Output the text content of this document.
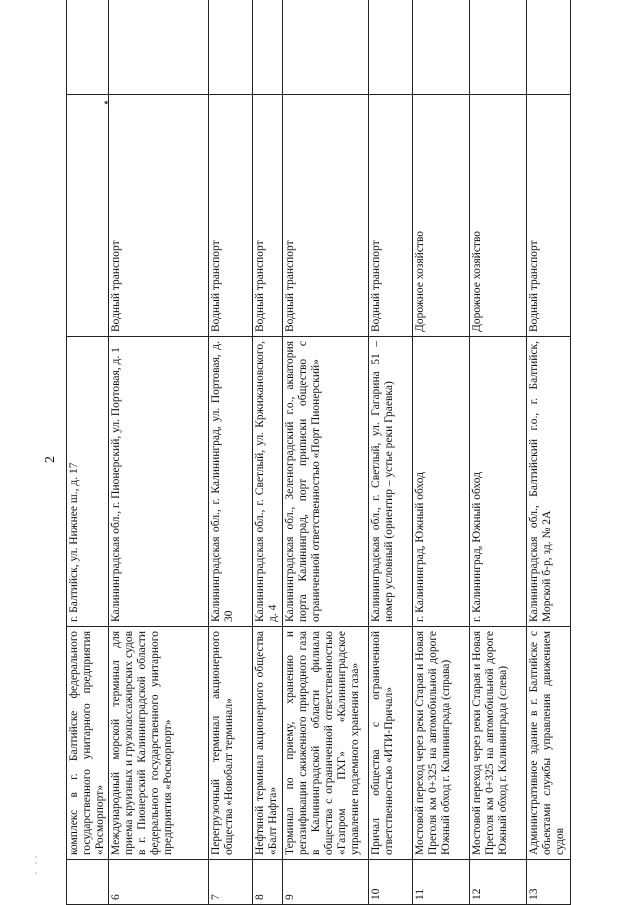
` ``
2
•
	комплекс в г. Балтийске федерального государственного унитарного предприятия «Росморпорт»	г. Балтийск, ул. Нижнее ш., д. 17		
6	Международный морской терминал для приема круизных и грузопассажирских судов в г. Пионерский Калининградской области федерального государственного унитарного предприятия «Росморпорт»	Калининградская обл., г. Пионерский, ул. Портовая, д. 1	Водный транспорт	
7	Перегрузочный терминал акционерного общества «Новобалт терминал»	Калининградская обл., г. Калининград, ул. Портовая, д. 30	Водный транспорт	
8	Нефтяной терминал акционерного общества «Балт Нафта»	Калининградская обл., г. Светлый, ул. Кржижановского, д. 4	Водный транспорт	
9	Терминал по приему, хранению и регазификации сжиженного природного газа в Калининградской области филиала общества с ограниченной ответственностью «Газпром ПХГ» «Калининградское управление подземного хранения газа»	Калининградская обл., Зеленоградский г.о., акватория порта Калининград, порт приписки общество с ограниченной ответственностью «Порт Пионерский»	Водный транспорт	
10	Причал общества с ограниченной ответственностью «ИТИ-Причал»	Калининградская обл., г. Светлый, ул. Гагарина 51 – номер условный (ориентир – устье реки Граевка)	Водный транспорт	
11	Мостовой переход через реки Старая и Новая Преголя км 0+325 на автомобильной дороге Южный обход г. Калининграда (справа)	г. Калининград, Южный обход	Дорожное хозяйство	
12	Мостовой переход через реки Старая и Новая Преголя км 0+325 на автомобильной дороге Южный обход г. Калининграда (слева)	г. Калининград, Южный обход	Дорожное хозяйство	
13	Административное здание в г. Балтийске с объектами службы управления движением судов	Калининградская обл., Балтийский г.о., г. Балтийск, Морской б-р, зд. № 2А	Водный транспорт	
